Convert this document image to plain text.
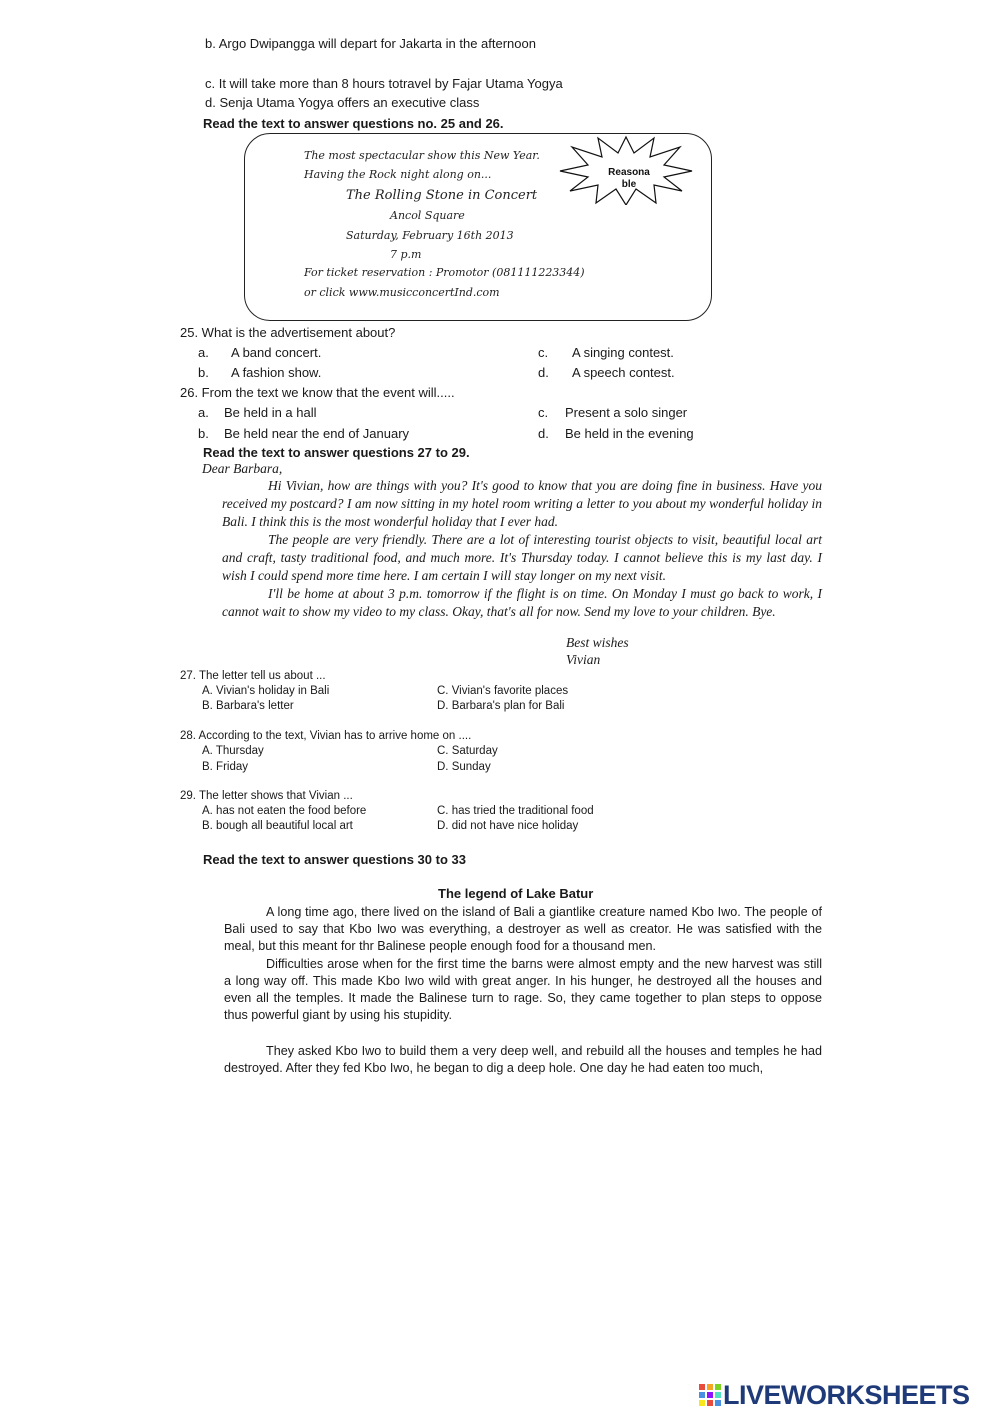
b. Argo Dwipangga will depart for Jakarta in the afternoon
c. It will take more than 8 hours totravel by Fajar Utama Yogya
d. Senja Utama Yogya offers an executive class
Read the text to answer questions no. 25 and 26.
The most spectacular show this New Year.
Having the Rock night along on...
The Rolling Stone in Concert
Ancol Square
Saturday, February 16th 2013
7 p.m
For ticket reservation : Promotor (081111223344)
or click www.musicconcertInd.com
Reasona
ble
25. What is the advertisement about?
a. A band concert.
b. A fashion show.
c. A singing contest.
d. A speech contest.
26. From the text we know that the event will.....
a. Be held in a hall
b. Be held near the end of January
c. Present a solo singer
d. Be held in the evening
Read the text to answer questions 27 to 29.
Dear Barbara,
Hi Vivian, how are things with you? It's good to know that you are doing fine in business. Have you received my postcard? I am now sitting in my hotel room writing a letter to you about my wonderful holiday in Bali. I think this is the most wonderful holiday that I ever had.
The people are very friendly. There are a lot of interesting tourist objects to visit, beautiful local art and craft, tasty traditional food, and much more. It's Thursday today. I cannot believe this is my last day. I wish I could spend more time here. I am certain I will stay longer on my next visit.
I'll be home at about 3 p.m. tomorrow if the flight is on time. On Monday I must go back to work, I cannot wait to show my video to my class. Okay, that's all for now. Send my love to your children. Bye.
Best wishes
Vivian
27. The letter tell us about ...
A. Vivian's holiday in Bali
B. Barbara's letter
C. Vivian's favorite places
D. Barbara's plan for Bali
28. According to the text, Vivian has to arrive home on ....
A. Thursday
B. Friday
C. Saturday
D. Sunday
29. The letter shows that Vivian ...
A. has not eaten the food before
B. bough all beautiful local art
C. has tried the traditional food
D. did not have nice holiday
Read the text to answer questions 30 to 33
The legend of Lake Batur
A long time ago, there lived on the island of Bali a giantlike creature named Kbo Iwo. The people of Bali used to say that Kbo Iwo was everything, a destroyer as well as creator. He was satisfied with the meal, but this meant for thr Balinese people enough food for a thousand men.
Difficulties arose when for the first time the barns were almost empty and the new harvest was still a long way off. This made Kbo Iwo wild with great anger. In his hunger, he destroyed all the houses and even all the temples. It made the Balinese turn to rage. So, they came together to plan steps to oppose thus powerful giant by using his stupidity.
They asked Kbo Iwo to build them a very deep well, and rebuild all the houses and temples he had destroyed. After they fed Kbo Iwo, he began to dig a deep hole. One day he had eaten too much,
LIVEWORKSHEETS
